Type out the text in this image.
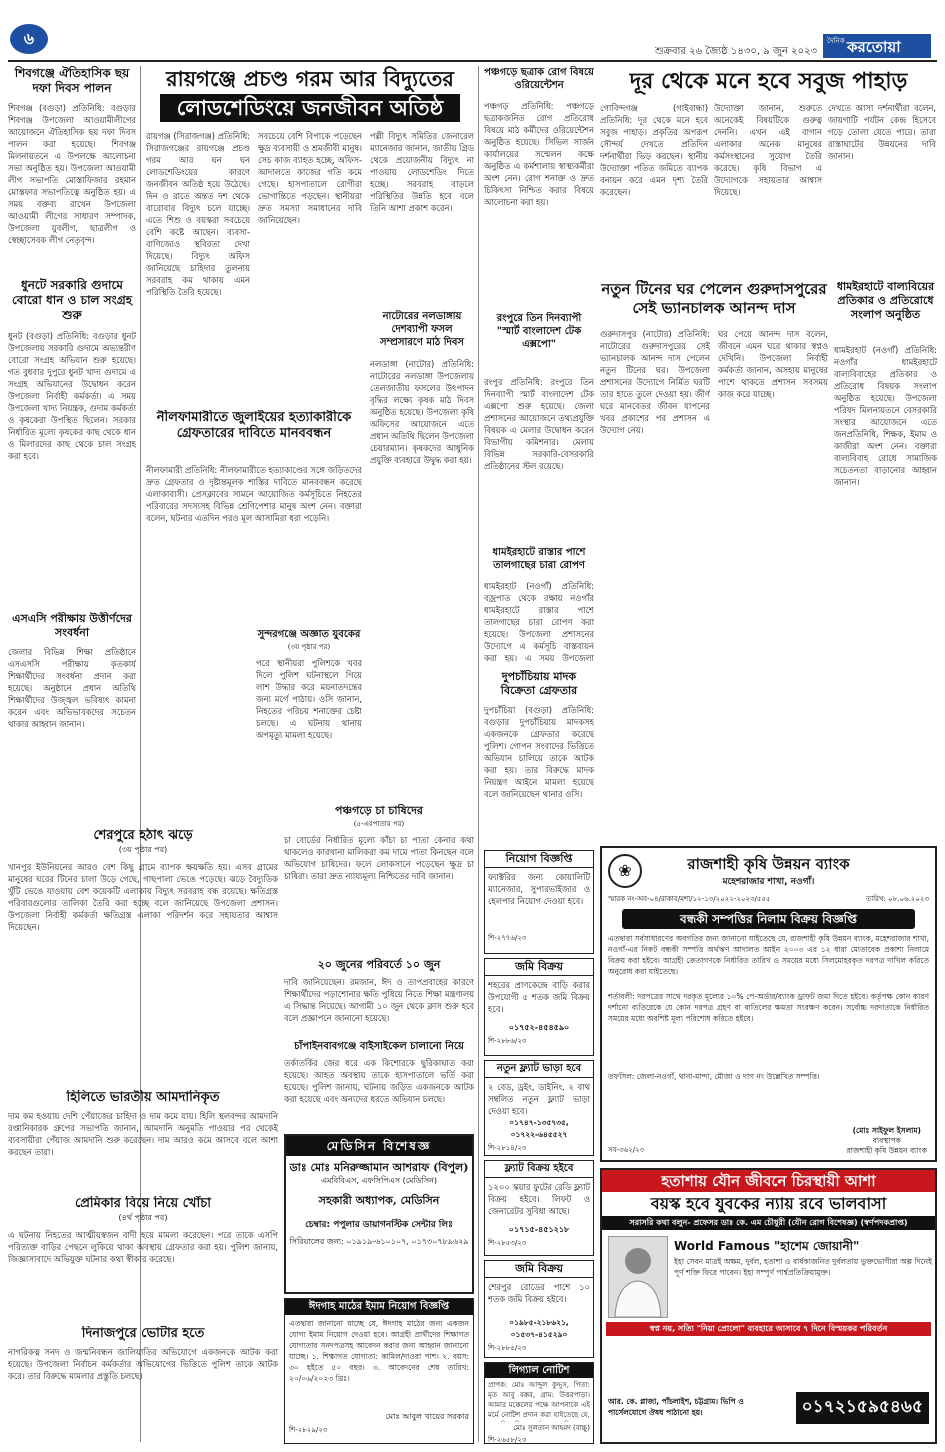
৬
শুক্রবার ২৬ জ্যৈষ্ঠ ১৪৩০, ৯ জুন ২০২৩
দৈনিক করতোয়া
শিবগঞ্জে ঐতিহাসিক ছয় দফা দিবস পালন
শিবগঞ্জ (বগুড়া) প্রতিনিধি: বগুড়ার শিবগঞ্জ উপজেলা আওয়ামীলীগের আয়োজনে ঐতিহাসিক ছয় দফা দিবস পালন করা হয়েছে। শিবগঞ্জ মিলনায়তনে এ উপলক্ষে আলোচনা সভা অনুষ্ঠিত হয়। উপজেলা আওয়ামী লীগ সভাপতি মোস্তাফিজার রহমান মোস্তফার সভাপতিত্বে অনুষ্ঠিত হয়। এ সময় বক্তব্য রাখেন উপজেলা আওয়ামী লীগের সাধারণ সম্পাদক, উপজেলা যুবলীগ, ছাত্রলীগ ও স্বেচ্ছাসেবক লীগ নেতৃবৃন্দ।
ধুনটে সরকারি গুদামে বোরো ধান ও চাল সংগ্রহ শুরু
ধুনট (বগুড়া) প্রতিনিধি: বগুড়ার ধুনট উপজেলায় সরকারি গুদামে অভ্যন্তরীণ বোরো সংগ্রহ অভিযান শুরু হয়েছে। গত বুধবার দুপুরে ধুনট খাদ্য গুদামে এ সংগ্রহ অভিযানের উদ্বোধন করেন উপজেলা নির্বাহী কর্মকর্তা। এ সময় উপজেলা খাদ্য নিয়ন্ত্রক, গুদাম কর্মকর্তা ও কৃষকেরা উপস্থিত ছিলেন। সরকার নির্ধারিত মূল্যে কৃষকের কাছ থেকে ধান ও মিলারদের কাছ থেকে চাল সংগ্রহ করা হবে।
এসএসি পরীক্ষায় উত্তীর্ণদের সংবর্ধনা
জেলার বিভিন্ন শিক্ষা প্রতিষ্ঠানে এসএসসি পরীক্ষায় কৃতকার্য শিক্ষার্থীদের সংবর্ধনা প্রদান করা হয়েছে। অনুষ্ঠানে প্রধান অতিথি শিক্ষার্থীদের উজ্জ্বল ভবিষ্যৎ কামনা করেন এবং অভিভাবকদের সচেতন থাকার আহ্বান জানান।
শেরপুরে হঠাৎ ঝড়ে
(৩য় পৃষ্ঠার পর)
খানপুর ইউনিয়নের আরও বেশ কিছু গ্রামে ব্যাপক ক্ষয়ক্ষতি হয়। এসব গ্রামের মানুষের ঘরের টিনের চালা উড়ে গেছে, গাছপালা ভেঙে পড়েছে। ঝড়ে বৈদ্যুতিক খুঁটি ভেঙে যাওয়ায় বেশ কয়েকটি এলাকায় বিদ্যুৎ সরবরাহ বন্ধ রয়েছে। ক্ষতিগ্রস্ত পরিবারগুলোর তালিকা তৈরি করা হচ্ছে বলে জানিয়েছে উপজেলা প্রশাসন। উপজেলা নির্বাহী কর্মকর্তা ক্ষতিগ্রস্ত এলাকা পরিদর্শন করে সহায়তার আশ্বাস দিয়েছেন।
হিলিতে ভারতীয় আমদানিকৃত
দাম কম হওয়ায় দেশি পেঁয়াজের চাহিদা ও দাম কমে যায়। হিলি স্থলবন্দর আমদানি রপ্তানিকারক গ্রুপের সভাপতি জানান, আমদানি অনুমতি পাওয়ার পর থেকেই ব্যবসায়ীরা পেঁয়াজ আমদানি শুরু করেছেন। দাম আরও কমে আসবে বলে আশা করছেন তারা।
প্রেমিকার বিয়ে নিয়ে খোঁচা
(৪র্থ পৃষ্ঠার পর)
এ ঘটনায় নিহতের আত্মীয়স্বজন বাদী হয়ে মামলা করেছেন। পরে তাকে এসপি পরিত্যক্ত বাড়ির পেছনে লুকিয়ে থাকা অবস্থায় গ্রেফতার করা হয়। পুলিশ জানায়, জিজ্ঞাসাবাদে অভিযুক্ত ঘটনার কথা স্বীকার করেছে।
দিনাজপুরে ভোটার হতে
নাগরিকত্ব সনদ ও জন্মনিবন্ধন জালিয়াতির অভিযোগে একজনকে আটক করা হয়েছে। উপজেলা নির্বাচন কর্মকর্তার অভিযোগের ভিত্তিতে পুলিশ তাকে আটক করে। তার বিরুদ্ধে মামলার প্রস্তুতি চলছে।
রায়গঞ্জে প্রচণ্ড গরম আর বিদ্যুতের
লোডশেডিংয়ে জনজীবন অতিষ্ঠ
রায়গঞ্জ (সিরাজগঞ্জ) প্রতিনিধি: সিরাজগঞ্জের রায়গঞ্জে প্রচণ্ড গরম আর ঘন ঘন লোডশেডিংয়ের কারণে জনজীবন অতিষ্ঠ হয়ে উঠেছে। দিন ও রাতে অন্তত দশ থেকে বারোবার বিদ্যুৎ চলে যাচ্ছে। এতে শিশু ও বয়স্করা সবচেয়ে বেশি কষ্টে আছেন। ব্যবসা-বাণিজ্যেও স্থবিরতা দেখা দিয়েছে। বিদ্যুৎ অফিস জানিয়েছে চাহিদার তুলনায় সরবরাহ কম থাকায় এমন পরিস্থিতি তৈরি হয়েছে।
সবচেয়ে বেশি বিপাকে পড়েছেন ক্ষুদ্র ব্যবসায়ী ও শ্রমজীবী মানুষ। সেচ কাজ ব্যাহত হচ্ছে, অফিস-আদালতে কাজের গতি কমে গেছে। হাসপাতালে রোগীরা ভোগান্তিতে পড়ছেন। স্থানীয়রা দ্রুত সমস্যা সমাধানের দাবি জানিয়েছেন।
পল্লী বিদ্যুৎ সমিতির জেনারেল ম্যানেজার জানান, জাতীয় গ্রিড থেকে প্রয়োজনীয় বিদ্যুৎ না পাওয়ায় লোডশেডিং দিতে হচ্ছে। সরবরাহ বাড়লে পরিস্থিতির উন্নতি হবে বলে তিনি আশা প্রকাশ করেন।
নাটোরের নলডাঙ্গায় দেশব্যাপী ফসল সম্প্রসারণে মাঠ দিবস
নলডাঙ্গা (নাটোর) প্রতিনিধি: নাটোরের নলডাঙ্গা উপজেলায় তেলজাতীয় ফসলের উৎপাদন বৃদ্ধির লক্ষ্যে কৃষক মাঠ দিবস অনুষ্ঠিত হয়েছে। উপজেলা কৃষি অফিসের আয়োজনে এতে প্রধান অতিথি ছিলেন উপজেলা চেয়ারম্যান। কৃষকদের আধুনিক প্রযুক্তি ব্যবহারে উদ্বুদ্ধ করা হয়।
নীলফামারীতে জুলাইয়ের হত্যাকারীকে গ্রেফতারের দাবিতে মানববন্ধন
নীলফামারী প্রতিনিধি: নীলফামারীতে হত্যাকাণ্ডের সঙ্গে জড়িতদের দ্রুত গ্রেফতার ও দৃষ্টান্তমূলক শাস্তির দাবিতে মানববন্ধন করেছে এলাকাবাসী। প্রেসক্লাবের সামনে আয়োজিত কর্মসূচিতে নিহতের পরিবারের সদস্যসহ বিভিন্ন শ্রেণিপেশার মানুষ অংশ নেন। বক্তারা বলেন, ঘটনার এতদিন পরও মূল আসামিরা ধরা পড়েনি।
সুন্দরগঞ্জে অজ্ঞাত যুবকের
(৩য় পৃষ্ঠার পর)
পরে স্থানীয়রা পুলিশকে খবর দিলে পুলিশ ঘটনাস্থলে গিয়ে লাশ উদ্ধার করে ময়নাতদন্তের জন্য মর্গে পাঠায়। ওসি জানান, নিহতের পরিচয় শনাক্তের চেষ্টা চলছে। এ ঘটনায় থানায় অপমৃত্যু মামলা হয়েছে।
পঞ্চগড়ে চা চাষিদের
(৫-এরপাতার পর)
চা বোর্ডের নির্ধারিত মূল্যে কাঁচা চা পাতা কেনার কথা থাকলেও কারখানা মালিকরা কম দামে পাতা কিনছেন বলে অভিযোগ চাষিদের। ফলে লোকসানে পড়েছেন ক্ষুদ্র চা চাষিরা। তারা দ্রুত ন্যায্যমূল্য নিশ্চিতের দাবি জানান।
২০ জুনের পরিবর্তে ১০ জুন
দাবি জানিয়েছেন। রমজান, ঈদ ও তাপপ্রবাহের কারণে শিক্ষার্থীদের পড়াশোনার ক্ষতি পুষিয়ে নিতে শিক্ষা মন্ত্রণালয় এ সিদ্ধান্ত নিয়েছে। আগামী ১০ জুন থেকে ক্লাস শুরু হবে বলে প্রজ্ঞাপনে জানানো হয়েছে।
চাঁপাইনবাবগঞ্জে বাইসাইকেল চালানো নিয়ে
তর্কাতর্কির জের ধরে এক কিশোরকে ছুরিকাঘাত করা হয়েছে। আহত অবস্থায় তাকে হাসপাতালে ভর্তি করা হয়েছে। পুলিশ জানায়, ঘটনায় জড়িত একজনকে আটক করা হয়েছে এবং অন্যদের ধরতে অভিযান চলছে।
মেডিসিন বিশেষজ্ঞ
ডাঃ মোঃ মনিরুজ্জামান আশরাফ (বিপুল)
এমবিবিএস, এফসিপিএস (মেডিসিন)
সহকারী অধ্যাপক, মেডিসিন
চেম্বার: পপুলার ডায়াগনস্টিক সেন্টার লিঃ
সিরিয়ালের জন্য: ০১৯১৯-৬১০১০৭, ০১৭৩০৭৮৯৬২৯
ঈদগাহ মাঠের ইমাম নিয়োগ বিজ্ঞপ্তি
এতদ্বারা জানানো যাচ্ছে যে, ঈদগাহ মাঠের জন্য একজন যোগ্য ইমাম নিয়োগ দেওয়া হবে। আগ্রহী প্রার্থীদের শিক্ষাগত যোগ্যতার সনদপত্রসহ আবেদন করার জন্য আহ্বান জানানো যাচ্ছে। ১. শিক্ষাগত যোগ্যতা: কামিল/দাওরা পাশ। ২. বয়স: ৩০ হইতে ৫০ বছর। ৩. আবেদনের শেষ তারিখ: ২০/০৬/২০২৩ খ্রিঃ।
মোঃ আবুল খায়ের সরকার
শি-২৮২৯/২৩
পঞ্চগড়ে ছত্রাক রোগ বিষয়ে ওরিয়েন্টেশন
পঞ্চগড় প্রতিনিধি: পঞ্চগড়ে ছত্রাকজনিত রোগ প্রতিরোধ বিষয়ে মাঠ কর্মীদের ওরিয়েন্টেশন অনুষ্ঠিত হয়েছে। সিভিল সার্জন কার্যালয়ের সম্মেলন কক্ষে অনুষ্ঠিত এ কর্মশালায় স্বাস্থ্যকর্মীরা অংশ নেন। রোগ শনাক্ত ও দ্রুত চিকিৎসা নিশ্চিত করার বিষয়ে আলোচনা করা হয়।
রংপুরে তিন দিনব্যাপী "স্মার্ট বাংলাদেশ টেক এক্সপো"
রংপুর প্রতিনিধি: রংপুরে তিন দিনব্যাপী স্মার্ট বাংলাদেশ টেক এক্সপো শুরু হয়েছে। জেলা প্রশাসনের আয়োজনে তথ্যপ্রযুক্তি বিষয়ক এ মেলার উদ্বোধন করেন বিভাগীয় কমিশনার। মেলায় বিভিন্ন সরকারি-বেসরকারি প্রতিষ্ঠানের স্টল রয়েছে।
ধামইরহাটে রাস্তার পাশে তালগাছের চারা রোপণ
ধামইরহাট (নওগাঁ) প্রতিনিধি: বজ্রপাত থেকে রক্ষায় নওগাঁর ধামইরহাটে রাস্তার পাশে তালগাছের চারা রোপণ করা হয়েছে। উপজেলা প্রশাসনের উদ্যোগে এ কর্মসূচি বাস্তবায়ন করা হয়। এ সময় উপজেলা
দুপচাঁচিয়ায় মাদক বিক্রেতা গ্রেফতার
দুপচাঁচিয়া (বগুড়া) প্রতিনিধি: বগুড়ার দুপচাঁচিয়ায় মাদকসহ একজনকে গ্রেফতার করেছে পুলিশ। গোপন সংবাদের ভিত্তিতে অভিযান চালিয়ে তাকে আটক করা হয়। তার বিরুদ্ধে মাদক নিয়ন্ত্রণ আইনে মামলা হয়েছে বলে জানিয়েছেন থানার ওসি।
নিয়োগ বিজ্ঞপ্তি
ফ্যাক্টরির জন্য কোয়ালিটি ম্যানেজার, সুপারভাইজার ও হেলপার নিয়োগ দেওয়া হবে।
শি-২৭৭৬/২৩
জমি বিক্রয়
শহরের প্রাণকেন্দ্রে বাড়ি করার উপযোগী ৫ শতক জমি বিক্রয় হবে।
০১৭৫২-৪৫৪৫৯০
শি-২৮৮৬/২৩
নতুন ফ্ল্যাট ভাড়া হবে
২ বেড, ড্রইং, ডাইনিং, ২ বাথ সম্বলিত নতুন ফ্ল্যাট ভাড়া দেওয়া হবে।
০১৭৪৭-১৩৫৭৩৫, ০১৭২২-৬৪৫৫২৭
শি-২৮১৪/২৩
ফ্ল্যাট বিক্রয় হইবে
১২০০ স্কয়ার ফুটের রেডি ফ্ল্যাট বিক্রয় হইবে। লিফট ও জেনারেটর সুবিধা আছে।
০১৭১৫-৪৫১২১৮
শি-২৮৫৩/২৩
জমি বিক্রয়
শেরপুর রোডের পাশে ১০ শতক জমি বিক্রয় হইবে।
০১৯৮৫-২১৮৬২১, ০১৫৩৭-৪১৫২৯০
শি-২৮৮৫/২৩
লিগ্যাল নোটিশ
প্রাপক: মোঃ আব্দুল কুদ্দুস, পিতা: মৃত আবু বক্কর, গ্রাম: উত্তরপাড়া। আমার মক্কেলের পক্ষে আপনাকে এই মর্মে নোটিশ প্রদান করা যাইতেছে যে,
মোঃ সুলতান আহমদ (বাচ্চু)
শি-২৬৫৮/২৩
দূর থেকে মনে হবে সবুজ পাহাড়
গোবিন্দগঞ্জ (গাইবান্ধা) প্রতিনিধি: দূর থেকে মনে হবে সবুজ পাহাড়। প্রকৃতির অপরূপ সৌন্দর্য দেখতে প্রতিদিন দর্শনার্থীরা ভিড় করছেন। স্থানীয় উদ্যোক্তা পতিত জমিতে ব্যাপক বনায়ন করে এমন দৃশ্য তৈরি করেছেন।
উদ্যোক্তা জানান, শুরুতে অনেকেই বিষয়টিকে গুরুত্ব দেননি। এখন এই বাগান এলাকার অনেক মানুষের কর্মসংস্থানের সুযোগ তৈরি করেছে। কৃষি বিভাগ এ উদ্যোগকে সহায়তার আশ্বাস দিয়েছে।
দেখতে আসা দর্শনার্থীরা বলেন, জায়গাটি পর্যটন কেন্দ্র হিসেবে গড়ে তোলা যেতে পারে। তারা রাস্তাঘাটের উন্নয়নের দাবি জানান।
নতুন টিনের ঘর পেলেন গুরুদাসপুরের সেই ভ্যানচালক আনন্দ দাস
গুরুদাসপুর (নাটোর) প্রতিনিধি: নাটোরের গুরুদাসপুরের সেই ভ্যানচালক আনন্দ দাস পেলেন নতুন টিনের ঘর। উপজেলা প্রশাসনের উদ্যোগে নির্মিত ঘরটি তার হাতে তুলে দেওয়া হয়। জীর্ণ ঘরে মানবেতর জীবন যাপনের খবর প্রকাশের পর প্রশাসন এ উদ্যোগ নেয়।
ঘর পেয়ে আনন্দ দাস বলেন, জীবনে এমন ঘরে থাকার স্বপ্নও দেখিনি। উপজেলা নির্বাহী কর্মকর্তা জানান, অসহায় মানুষের পাশে থাকতে প্রশাসন সবসময় কাজ করে যাচ্ছে।
ধামইরহাটে বাল্যবিয়ের প্রতিকার ও প্রতিরোধে সংলাপ অনুষ্ঠিত
ধামইরহাট (নওগাঁ) প্রতিনিধি: নওগাঁর ধামইরহাটে বাল্যবিবাহের প্রতিকার ও প্রতিরোধ বিষয়ক সংলাপ অনুষ্ঠিত হয়েছে। উপজেলা পরিষদ মিলনায়তনে বেসরকারি সংস্থার আয়োজনে এতে জনপ্রতিনিধি, শিক্ষক, ইমাম ও কাজীরা অংশ নেন। বক্তারা বাল্যবিবাহ রোধে সামাজিক সচেতনতা বাড়ানোর আহ্বান জানান।
❀	রাজশাহী কৃষি উন্নয়ন ব্যাংক
মহেশরাজার শাখা, নওগাঁ।
স্মারক নং-অব-০৪/রাকাব/মশা/১২-১৩/২০২২-২০২৩/৫৫৫	তারিখ: ০৮.০৬.২০২৩
বন্ধকী সম্পত্তির নিলাম বিক্রয় বিজ্ঞপ্তি
এতদ্বারা সর্বসাধারণের অবগতির জন্য জানানো যাইতেছে যে, রাজশাহী কৃষি উন্নয়ন ব্যাংক, মহেশরাজার শাখা, নওগাঁ-এর নিকট বন্ধকী সম্পত্তি অর্থঋণ আদালত আইন ২০০৩ এর ১২ ধারা মোতাবেক প্রকাশ্য নিলামে বিক্রয় করা হইবে। আগ্রহী ক্রেতাগণকে নির্ধারিত তারিখ ও সময়ের মধ্যে সিলমোহরকৃত দরপত্র দাখিল করিতে অনুরোধ করা যাইতেছে।
শর্তাবলী: দরপত্রের সাথে দরকৃত মূল্যের ১০% পে-অর্ডার/ব্যাংক ড্রাফট জমা দিতে হইবে। কর্তৃপক্ষ কোন কারণ দর্শানো ব্যতিরেকে যে কোন দরপত্র গ্রহণ বা বাতিলের ক্ষমতা সংরক্ষণ করেন। সর্বোচ্চ দরদাতাকে নির্ধারিত সময়ের মধ্যে অবশিষ্ট মূল্য পরিশোধ করিতে হইবে।
তফসিল: জেলা-নওগাঁ, থানা-মান্দা, মৌজা ও দাগ নং উল্লেখিত সম্পত্তি।
(মোঃ সাইফুল ইসলাম)
ব্যবস্থাপক
রাজশাহী কৃষি উন্নয়ন ব্যাংক
সব-৩৬২/২৩
হতাশায় যৌন জীবনে চিরস্থায়ী আশা
বয়স্ক হবে যুবকের ন্যায় রবে ভালবাসা
সরাসরি কথা বলুন- প্রফেসর ডাঃ কে. এম চৌধুরী (যৌন রোগ বিশেষজ্ঞ) (স্বর্ণপদকপ্রাপ্ত)
World Famous "হাশেম জোয়ানী"
ইহা সেবন মাত্রই অক্ষম, দুর্বল, হতাশা ও বার্ধক্যজনিত দুর্বলতায় ভুক্তভোগীরা অল্প দিনেই পূর্ণ শক্তি ফিরে পাবেন। ইহা সম্পূর্ণ পার্শ্বপ্রতিক্রিয়ামুক্ত।
স্বপ্ন নয়, সত্যি "নিয়া প্রোলো" ব্যবহারে আসাবে ৭ দিনে বিস্ময়কর পরিবর্তন
আর. কে. প্লাজা, পাঁচলাইশ, চট্টগ্রাম। ভিপি ও পার্সেলযোগে ঔষধ পাঠানো হয়।	০১৭২১৫৯৫৪৬৫
